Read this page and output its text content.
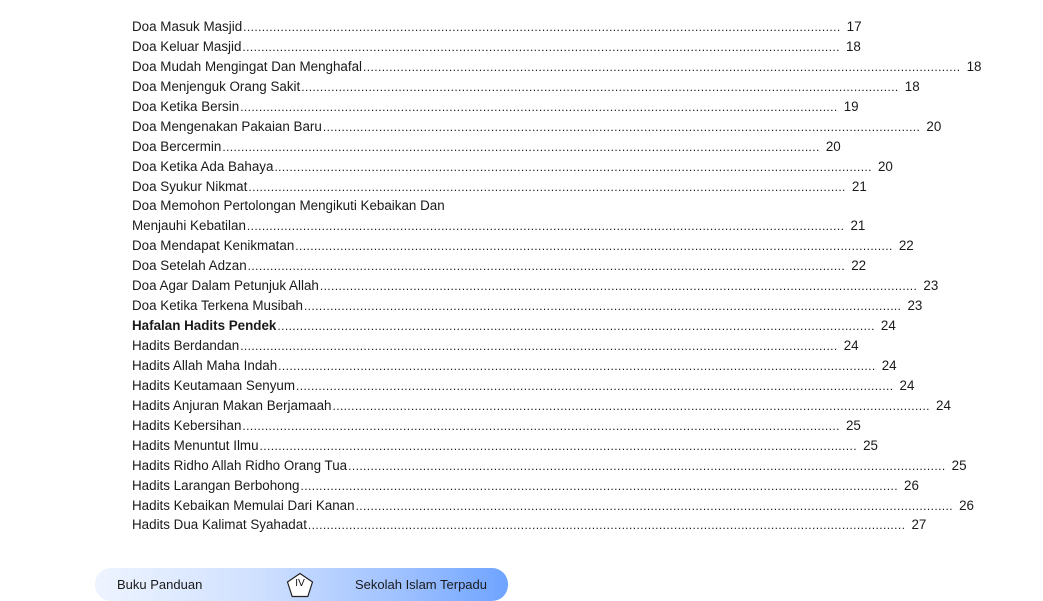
Doa Masuk Masjid ................................................................................................................................................................ 17
Doa Keluar Masjid ................................................................................................................................................................ 18
Doa Mudah Mengingat Dan Menghafal ................................................................................................................................................................ 18
Doa Menjenguk Orang Sakit ................................................................................................................................................................ 18
Doa Ketika Bersin ................................................................................................................................................................ 19
Doa Mengenakan Pakaian Baru ................................................................................................................................................................ 20
Doa Bercermin ................................................................................................................................................................ 20
Doa Ketika Ada Bahaya ................................................................................................................................................................ 20
Doa Syukur Nikmat ................................................................................................................................................................ 21
Doa Memohon Pertolongan Mengikuti Kebaikan Dan
Menjauhi Kebatilan ................................................................................................................................................................ 21
Doa Mendapat Kenikmatan ................................................................................................................................................................ 22
Doa Setelah Adzan ................................................................................................................................................................ 22
Doa Agar Dalam Petunjuk Allah ................................................................................................................................................................ 23
Doa Ketika Terkena Musibah ................................................................................................................................................................ 23
Hafalan Hadits Pendek ................................................................................................................................................................ 24
Hadits Berdandan ................................................................................................................................................................ 24
Hadits Allah Maha Indah ................................................................................................................................................................ 24
Hadits Keutamaan Senyum ................................................................................................................................................................ 24
Hadits Anjuran Makan Berjamaah ................................................................................................................................................................ 24
Hadits Kebersihan ................................................................................................................................................................ 25
Hadits Menuntut Ilmu ................................................................................................................................................................ 25
Hadits Ridho Allah Ridho Orang Tua ................................................................................................................................................................ 25
Hadits Larangan Berbohong ................................................................................................................................................................ 26
Hadits Kebaikan Memulai Dari Kanan ................................................................................................................................................................ 26
Hadits Dua Kalimat Syahadat ................................................................................................................................................................ 27
Buku Panduan	IV	Sekolah Islam Terpadu
